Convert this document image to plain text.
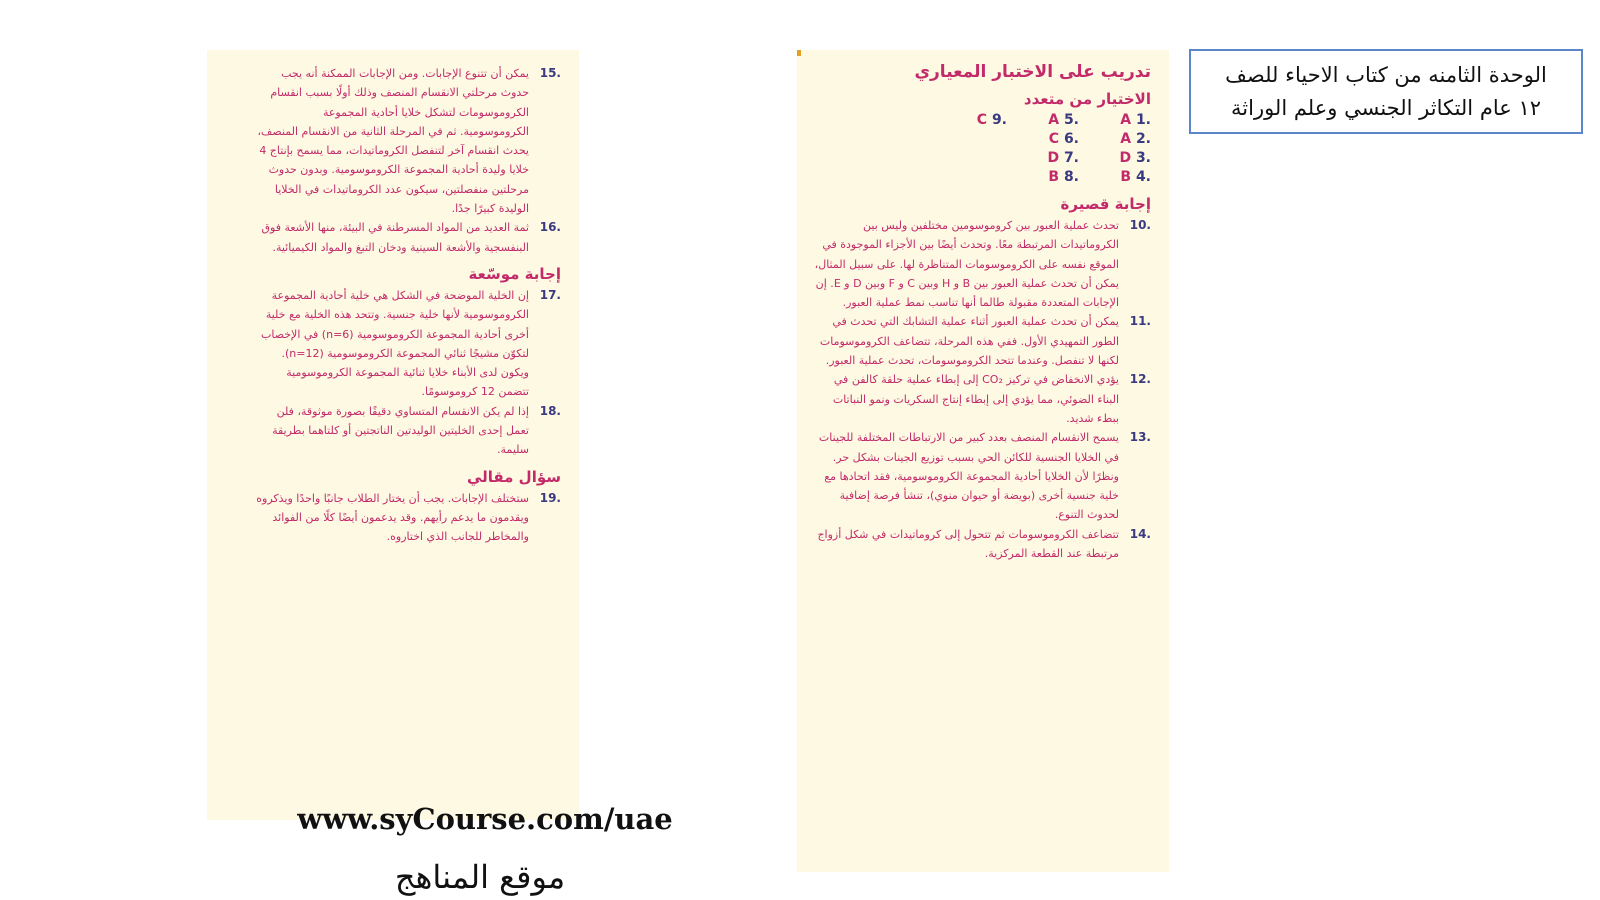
الوحدة الثامنه من كتاب الاحياء للصف
١٢ عام التكاثر الجنسي وعلم الوراثة
تدريب على الاختبار المعياري
الاختيار من متعدد
A 1.
A 5.
C 9.
A 2.
C 6.
D 3.
D 7.
B 4.
B 8.
إجابة قصيرة
10.
تحدث عملية العبور بين كروموسومين مختلفين وليس بين الكروماتيدات المرتبطة معًا. وتحدث أيضًا بين الأجزاء الموجودة في الموقع نفسه على الكروموسومات المتناظرة لها. على سبيل المثال، يمكن أن تحدث عملية العبور بين B و H وبين C و F وبين D و E. إن الإجابات المتعددة مقبولة طالما أنها تناسب نمط عملية العبور.
11.
يمكن أن تحدث عملية العبور أثناء عملية التشابك التي تحدث في الطور التمهيدي الأول. ففي هذه المرحلة، تتضاعف الكروموسومات لكنها لا تنفصل. وعندما تتحد الكروموسومات، تحدث عملية العبور.
12.
يؤدي الانخفاض في تركيز CO₂ إلى إبطاء عملية حلقة كالفن في البناء الضوئي، مما يؤدي إلى إبطاء إنتاج السكريات ونمو النباتات ببطء شديد.
13.
يسمح الانقسام المنصف بعدد كبير من الارتباطات المختلفة للجينات في الخلايا الجنسية للكائن الحي بسبب توزيع الجينات بشكل حر. ونظرًا لأن الخلايا أحادية المجموعة الكروموسومية، فقد اتحادها مع خلية جنسية أخرى (بويضة أو حيوان منوي)، تنشأ فرصة إضافية لحدوث التنوع.
14.
تتضاعف الكروموسومات ثم تتحول إلى كروماتيدات في شكل أزواج مرتبطة عند القطعة المركزية.
15.
يمكن أن تتنوع الإجابات. ومن الإجابات الممكنة أنه يجب حدوث مرحلتي الانقسام المنصف وذلك أولًا بسبب انقسام الكروموسومات لتشكل خلايا أحادية المجموعة الكروموسومية. ثم في المرحلة الثانية من الانقسام المنصف، يحدث انقسام آخر لتنفصل الكروماتيدات، مما يسمح بإنتاج 4 خلايا وليدة أحادية المجموعة الكروموسومية. وبدون حدوث مرحلتين منفصلتين، سيكون عدد الكروماتيدات في الخلايا الوليدة كبيرًا جدًا.
16.
ثمة العديد من المواد المسرطنة في البيئة، منها الأشعة فوق البنفسجية والأشعة السينية ودخان التبغ والمواد الكيميائية.
إجابة موسّعة
17.
إن الخلية الموضحة في الشكل هي خلية أحادية المجموعة الكروموسومية لأنها خلية جنسية. وتتحد هذه الخلية مع خلية أخرى أحادية المجموعة الكروموسومية (n=6) في الإخصاب لتكوّن مشيجًا ثنائي المجموعة الكروموسومية (n=12). ويكون لدى الأبناء خلايا ثنائية المجموعة الكروموسومية تتضمن 12 كروموسومًا.
18.
إذا لم يكن الانقسام المتساوي دقيقًا بصورة موثوقة، فلن تعمل إحدى الخليتين الوليدتين الناتجتين أو كلتاهما بطريقة سليمة.
سؤال مقالي
19.
ستختلف الإجابات. يجب أن يختار الطلاب جانبًا واحدًا ويذكروه ويقدمون ما يدعم رأيهم. وقد يدعمون أيضًا كلًا من الفوائد والمخاطر للجانب الذي اختاروه.
www.syCourse.com/uae
موقع المناهج
